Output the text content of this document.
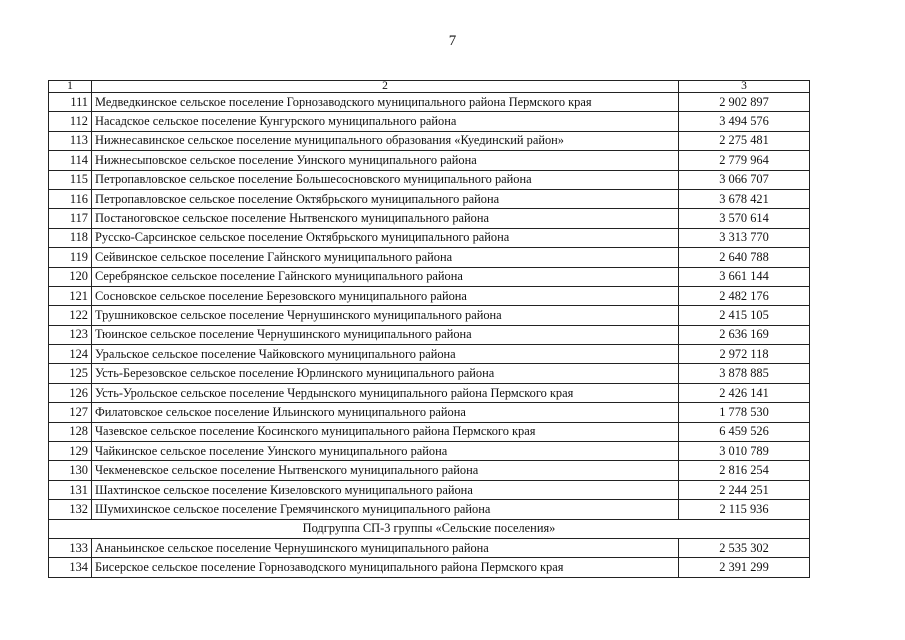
7
1	2	3
111	Медведкинское сельское поселение Горнозаводского муниципального района Пермского края	2 902 897
112	Насадское сельское поселение Кунгурского муниципального района	3 494 576
113	Нижнесавинское сельское поселение муниципального образования «Куединский район»	2 275 481
114	Нижнесыповское сельское поселение Уинского муниципального района	2 779 964
115	Петропавловское сельское поселение Большесосновского муниципального района	3 066 707
116	Петропавловское сельское поселение Октябрьского муниципального района	3 678 421
117	Постаноговское сельское поселение Нытвенского муниципального района	3 570 614
118	Русско-Сарсинское сельское поселение Октябрьского муниципального района	3 313 770
119	Сейвинское сельское поселение Гайнского муниципального района	2 640 788
120	Серебрянское сельское поселение Гайнского муниципального района	3 661 144
121	Сосновское сельское поселение Березовского муниципального района	2 482 176
122	Трушниковское сельское поселение Чернушинского муниципального района	2 415 105
123	Тюинское сельское поселение Чернушинского муниципального района	2 636 169
124	Уральское сельское поселение Чайковского муниципального района	2 972 118
125	Усть-Березовское сельское поселение Юрлинского муниципального района	3 878 885
126	Усть-Урольское сельское поселение Чердынского муниципального района Пермского края	2 426 141
127	Филатовское сельское поселение Ильинского муниципального района	1 778 530
128	Чазевское сельское поселение Косинского муниципального района Пермского края	6 459 526
129	Чайкинское сельское поселение Уинского муниципального района	3 010 789
130	Чекменевское сельское поселение Нытвенского муниципального района	2 816 254
131	Шахтинское сельское поселение Кизеловского муниципального района	2 244 251
132	Шумихинское сельское поселение Гремячинского муниципального района	2 115 936
Подгруппа СП-3 группы «Сельские поселения»		
133	Ананьинское сельское поселение Чернушинского муниципального района	2 535 302
134	Бисерское сельское поселение Горнозаводского муниципального района Пермского края	2 391 299
